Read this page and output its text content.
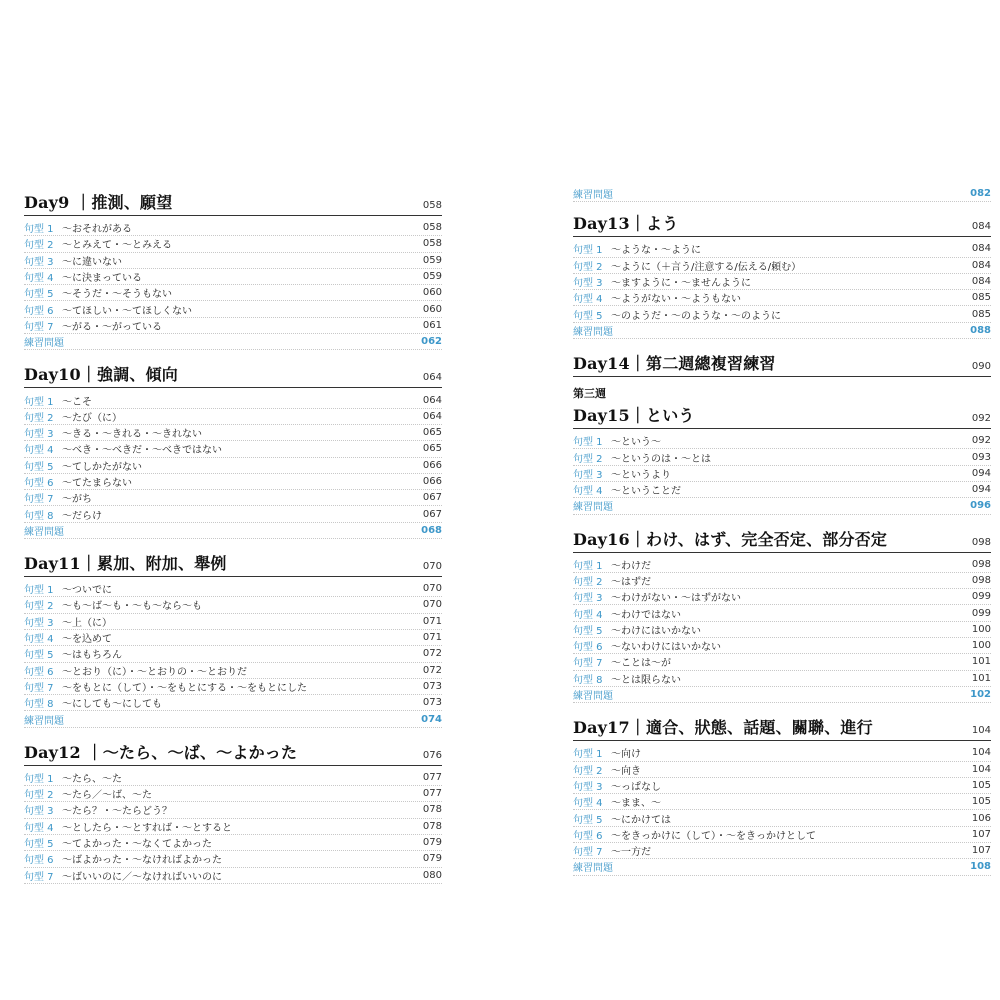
Day9 ｜推測、願望	058
句型 1 〜おそれがある	058
句型 2 〜とみえて・〜とみえる	058
句型 3 〜に違いない	059
句型 4 〜に決まっている	059
句型 5 〜そうだ・〜そうもない	060
句型 6 〜てほしい・〜てほしくない	060
句型 7 〜がる・〜がっている	061
練習問題	062
Day10｜強調、傾向	064
句型 1 〜こそ	064
句型 2 〜たび（に）	064
句型 3 〜きる・〜きれる・〜きれない	065
句型 4 〜べき・〜べきだ・〜べきではない	065
句型 5 〜てしかたがない	066
句型 6 〜てたまらない	066
句型 7 〜がち	067
句型 8 〜だらけ	067
練習問題	068
Day11｜累加、附加、舉例	070
句型 1 〜ついでに	070
句型 2 〜も〜ば〜も・〜も〜なら〜も	070
句型 3 〜上（に）	071
句型 4 〜を込めて	071
句型 5 〜はもちろん	072
句型 6 〜とおり（に）・〜とおりの・〜とおりだ	072
句型 7 〜をもとに（して）・〜をもとにする・〜をもとにした	073
句型 8 〜にしても〜にしても	073
練習問題	074
Day12 ｜〜たら、〜ば、〜よかった	076
句型 1 〜たら、〜た	077
句型 2 〜たら／〜ば、〜た	077
句型 3 〜たら？・〜たらどう？	078
句型 4 〜としたら・〜とすれば・〜とすると	078
句型 5 〜てよかった・〜なくてよかった	079
句型 6 〜ばよかった・〜なければよかった	079
句型 7 〜ばいいのに／〜なければいいのに	080
練習問題	082
Day13｜よう	084
句型 1 〜ような・〜ように	084
句型 2 〜ように（＋言う/注意する/伝える/頼む）	084
句型 3 〜ますように・〜ませんように	084
句型 4 〜ようがない・〜ようもない	085
句型 5 〜のようだ・〜のような・〜のように	085
練習問題	088
Day14｜第二週總複習練習	090
第三週
Day15｜という	092
句型 1 〜という〜	092
句型 2 〜というのは・〜とは	093
句型 3 〜というより	094
句型 4 〜ということだ	094
練習問題	096
Day16｜わけ、はず、完全否定、部分否定	098
句型 1 〜わけだ	098
句型 2 〜はずだ	098
句型 3 〜わけがない・〜はずがない	099
句型 4 〜わけではない	099
句型 5 〜わけにはいかない	100
句型 6 〜ないわけにはいかない	100
句型 7 〜ことは〜が	101
句型 8 〜とは限らない	101
練習問題	102
Day17｜適合、狀態、話題、關聯、進行	104
句型 1 〜向け	104
句型 2 〜向き	104
句型 3 〜っぱなし	105
句型 4 〜まま、〜	105
句型 5 〜にかけては	106
句型 6 〜をきっかけに（して）・〜をきっかけとして	107
句型 7 〜一方だ	107
練習問題	108
